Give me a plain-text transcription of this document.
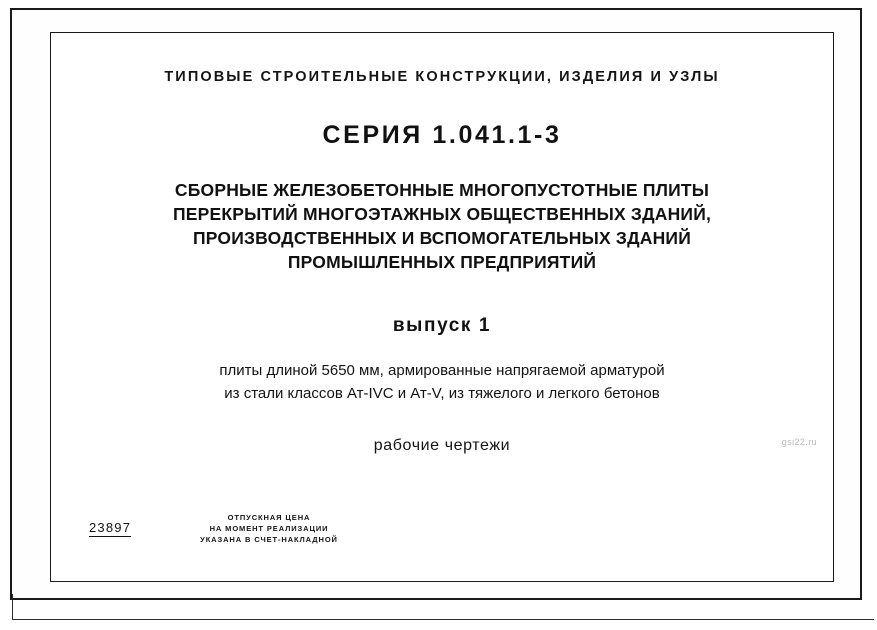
ТИПОВЫЕ СТРОИТЕЛЬНЫЕ КОНСТРУКЦИИ, ИЗДЕЛИЯ И УЗЛЫ
СЕРИЯ 1.041.1-3
СБОРНЫЕ ЖЕЛЕЗОБЕТОННЫЕ МНОГОПУСТОТНЫЕ ПЛИТЫ
ПЕРЕКРЫТИЙ МНОГОЭТАЖНЫХ ОБЩЕСТВЕННЫХ ЗДАНИЙ,
ПРОИЗВОДСТВЕННЫХ И ВСПОМОГАТЕЛЬНЫХ ЗДАНИЙ
ПРОМЫШЛЕННЫХ ПРЕДПРИЯТИЙ
выпуск 1
плиты длиной 5650 мм, армированные напрягаемой арматурой
из стали классов Ат-IVC и Ат-V, из тяжелого и легкого бетонов
рабочие чертежи	gsi22.ru
23897
ОТПУСКНАЯ ЦЕНА
НА МОМЕНТ РЕАЛИЗАЦИИ
УКАЗАНА В СЧЕТ-НАКЛАДНОЙ
